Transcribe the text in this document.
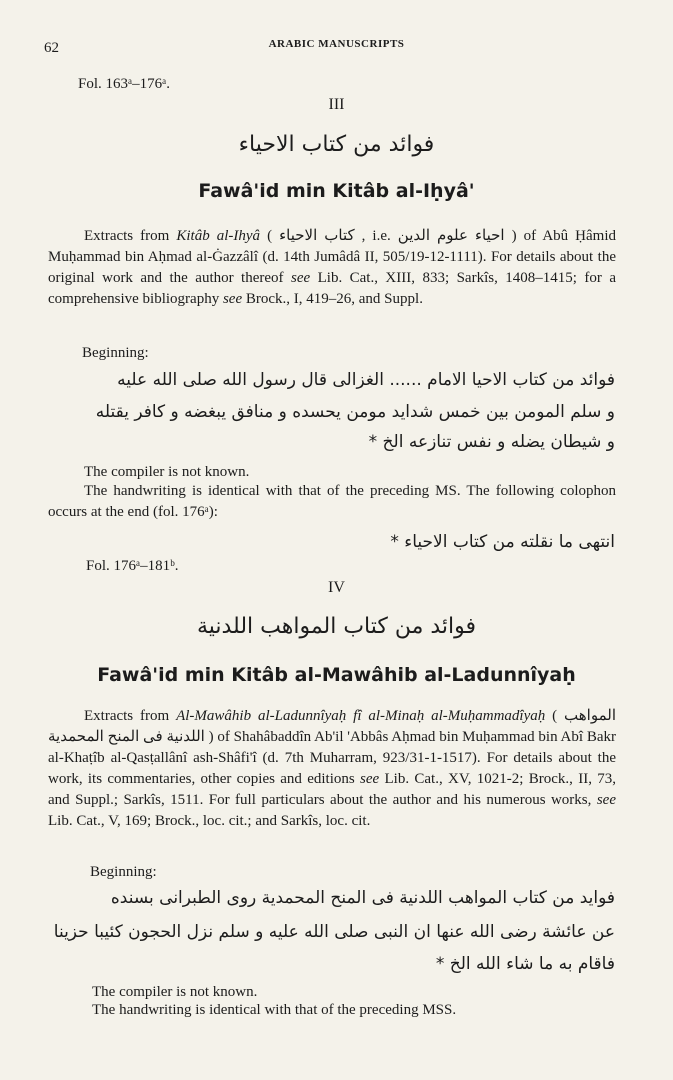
62	ARABIC MANUSCRIPTS
Fol. 163ᵃ–176ᵃ.
III
فوائد من كتاب الاحياء
Fawâ'id min Kitâb al-Iḥyâ'
Extracts from Kitâb al-Ihyâ ( كتاب الاحياء , i.e. احياء علوم الدين ) of Abû Ḥâmid Muḥammad bin Aḥmad al-Ġazzâlî (d. 14th Jumâdâ II, 505/19-12-1111). For details about the original work and the author thereof see Lib. Cat., XIII, 833; Sarkîs, 1408–1415; for a comprehensive bibliography see Brock., I, 419–26, and Suppl.
Beginning:
فوائد من كتاب الاحيا الامام ...... الغزالى قال رسول الله صلى الله عليه
و سلم المومن بين خمس شدايد مومن يحسده و منافق يبغضه و كافر يقتله
و شيطان يضله و نفس تنازعه الخ *
The compiler is not known.
The handwriting is identical with that of the preceding MS. The following colophon occurs at the end (fol. 176ᵃ):
انتهى ما نقلته من كتاب الاحياء *
Fol. 176ᵃ–181ᵇ.
IV
فوائد من كتاب المواهب اللدنية
Fawâ'id min Kitâb al-Mawâhib al-Ladunnîyaḥ
Extracts from Al-Mawâhib al-Ladunnîyaḥ fî al-Minaḥ al-Muḥammadîyaḥ ( المواهب اللدنية فى المنح المحمدية ) of Shahâbaddîn Ab'il 'Abbâs Aḥmad bin Muḥammad bin Abî Bakr al-Khaṭîb al-Qasṭallânî ash-Shâfi'î (d. 7th Muharram, 923/31-1-1517). For details about the work, its commentaries, other copies and editions see Lib. Cat., XV, 1021-2; Brock., II, 73, and Suppl.; Sarkîs, 1511. For full particulars about the author and his numerous works, see Lib. Cat., V, 169; Brock., loc. cit.; and Sarkîs, loc. cit.
Beginning:
فوايد من كتاب المواهب اللدنية فى المنح المحمدية روى الطبرانى بسنده
عن عائشة رضى الله عنها ان النبى صلى الله عليه و سلم نزل الحجون كئيبا حزينا
فاقام به ما شاء الله الخ *
The compiler is not known.
The handwriting is identical with that of the preceding MSS.
